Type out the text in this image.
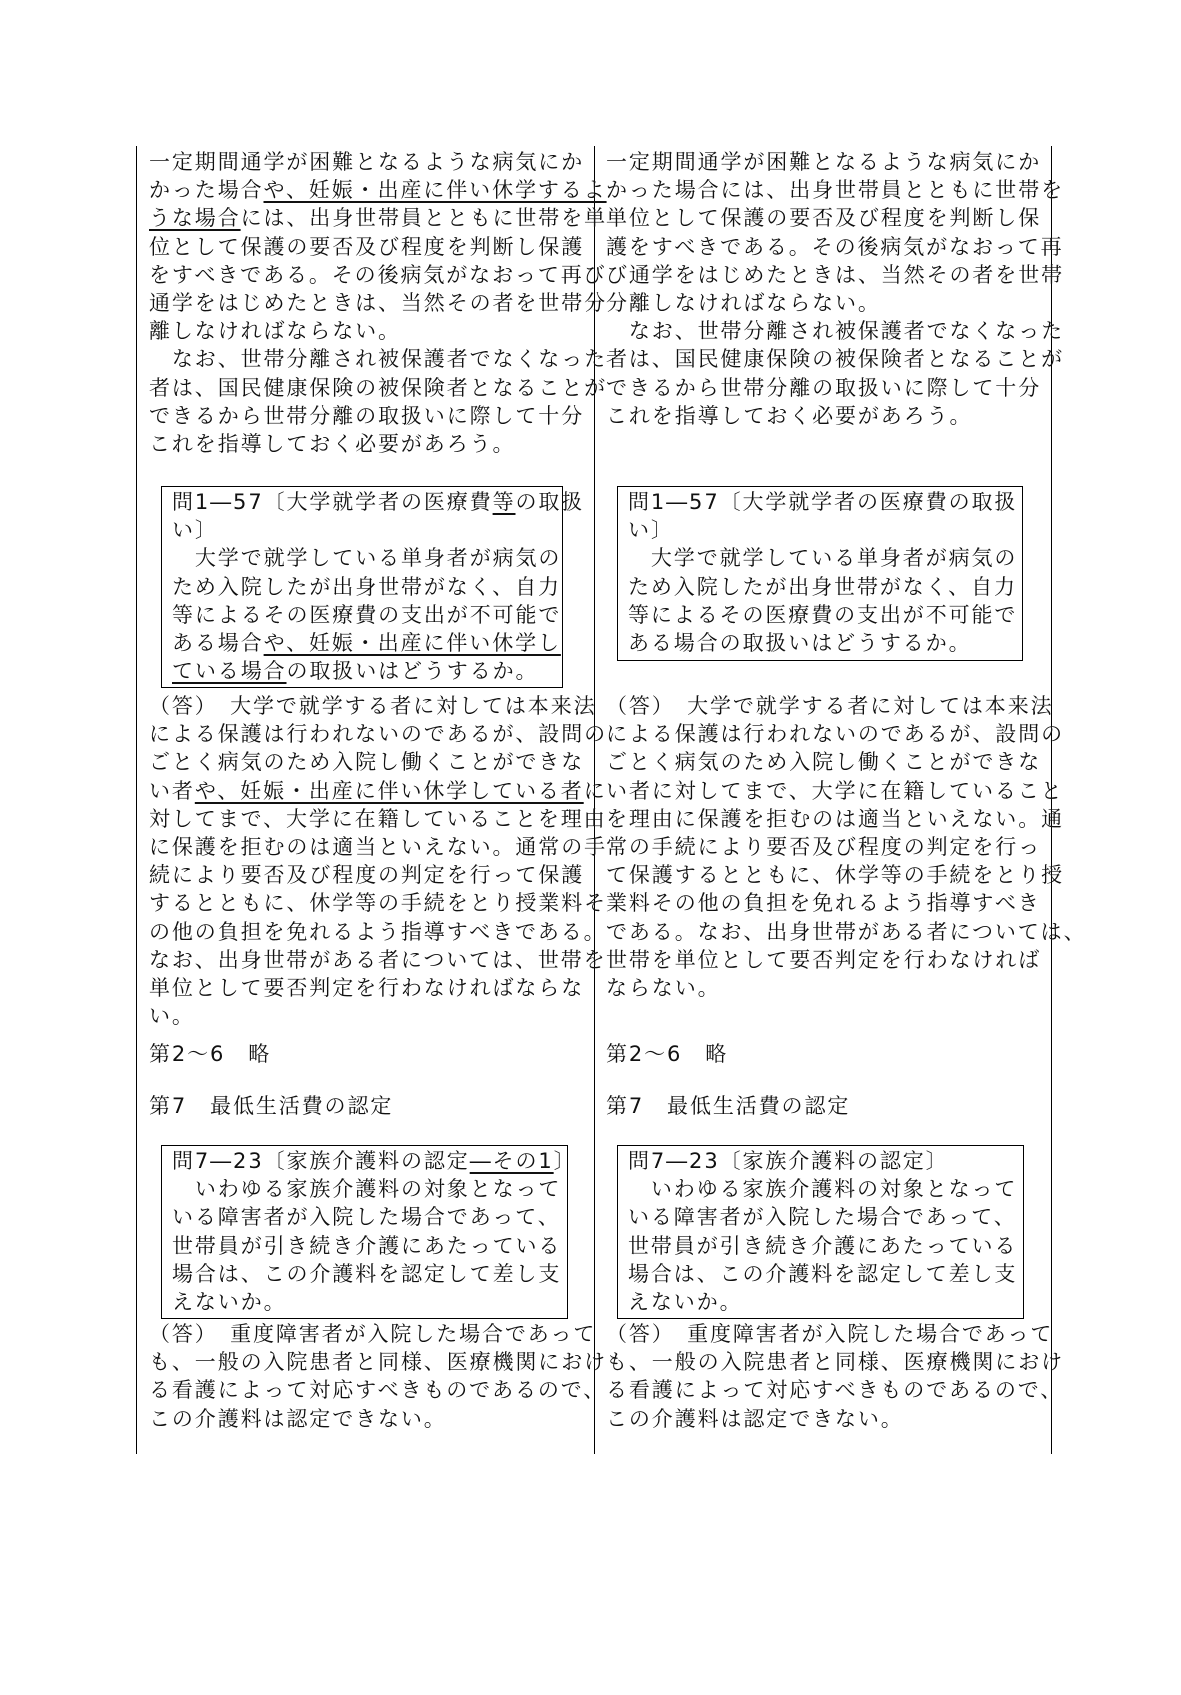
一定期間通学が困難となるような病気にか
かった場合や、妊娠・出産に伴い休学するよ
うな場合には、出身世帯員とともに世帯を単
位として保護の要否及び程度を判断し保護
をすべきである。その後病気がなおって再び
通学をはじめたときは、当然その者を世帯分
離しなければならない。
　なお、世帯分離され被保護者でなくなった
者は、国民健康保険の被保険者となることが
できるから世帯分離の取扱いに際して十分
これを指導しておく必要があろう。
問1―57〔大学就学者の医療費等の取扱
い〕
　大学で就学している単身者が病気の
ため入院したが出身世帯がなく、自力
等によるその医療費の支出が不可能で
ある場合や、妊娠・出産に伴い休学し
ている場合の取扱いはどうするか。
（答）　大学で就学する者に対しては本来法
による保護は行われないのであるが、設問の
ごとく病気のため入院し働くことができな
い者や、妊娠・出産に伴い休学している者に
対してまで、大学に在籍していることを理由
に保護を拒むのは適当といえない。通常の手
続により要否及び程度の判定を行って保護
するとともに、休学等の手続をとり授業料そ
の他の負担を免れるよう指導すべきである。
なお、出身世帯がある者については、世帯を
単位として要否判定を行わなければならな
い。
第2～6　略
第7　最低生活費の認定
問7―23〔家族介護料の認定―その1〕
　いわゆる家族介護料の対象となって
いる障害者が入院した場合であって、
世帯員が引き続き介護にあたっている
場合は、この介護料を認定して差し支
えないか。
（答）　重度障害者が入院した場合であって
も、一般の入院患者と同様、医療機関におけ
る看護によって対応すべきものであるので、
この介護料は認定できない。
一定期間通学が困難となるような病気にか
かった場合には、出身世帯員とともに世帯を
単位として保護の要否及び程度を判断し保
護をすべきである。その後病気がなおって再
び通学をはじめたときは、当然その者を世帯
分離しなければならない。
　なお、世帯分離され被保護者でなくなった
者は、国民健康保険の被保険者となることが
できるから世帯分離の取扱いに際して十分
これを指導しておく必要があろう。
問1―57〔大学就学者の医療費の取扱
い〕
　大学で就学している単身者が病気の
ため入院したが出身世帯がなく、自力
等によるその医療費の支出が不可能で
ある場合の取扱いはどうするか。
（答）　大学で就学する者に対しては本来法
による保護は行われないのであるが、設問の
ごとく病気のため入院し働くことができな
い者に対してまで、大学に在籍していること
を理由に保護を拒むのは適当といえない。通
常の手続により要否及び程度の判定を行っ
て保護するとともに、休学等の手続をとり授
業料その他の負担を免れるよう指導すべき
である。なお、出身世帯がある者については、
世帯を単位として要否判定を行わなければ
ならない。
第2～6　略
第7　最低生活費の認定
問7―23〔家族介護料の認定〕
　いわゆる家族介護料の対象となって
いる障害者が入院した場合であって、
世帯員が引き続き介護にあたっている
場合は、この介護料を認定して差し支
えないか。
（答）　重度障害者が入院した場合であって
も、一般の入院患者と同様、医療機関におけ
る看護によって対応すべきものであるので、
この介護料は認定できない。
